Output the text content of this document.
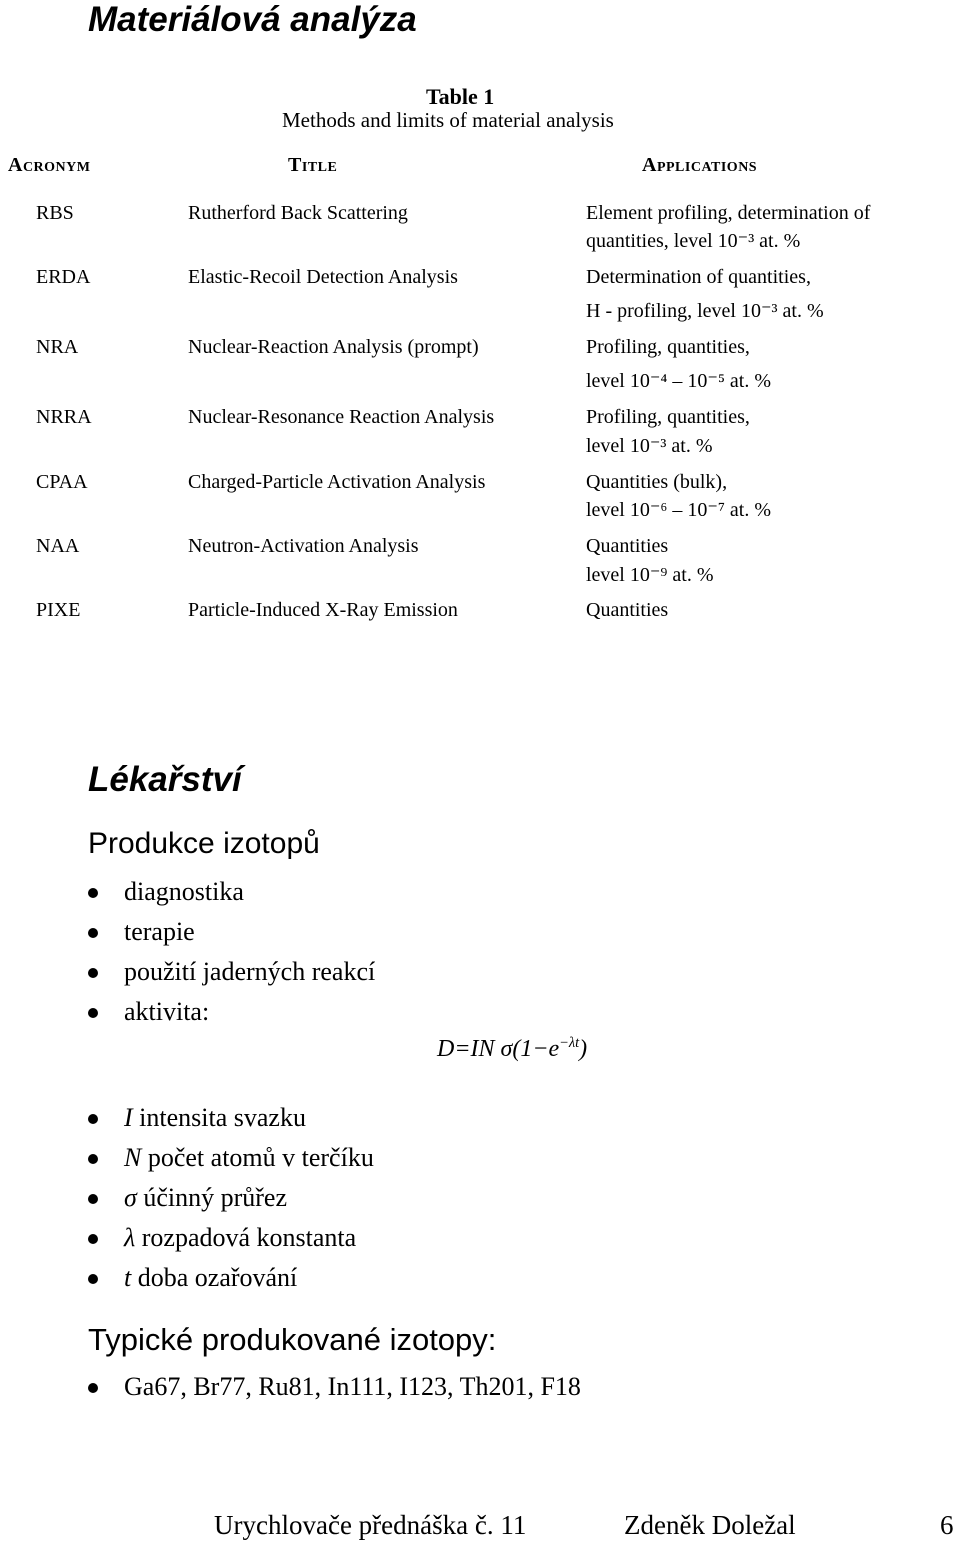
Materiálová analýza
Table 1
Methods and limits of material analysis
Acronym	Title	Applications
RBS	Rutherford Back Scattering	Element profiling, determination of
quantities, level 10⁻³ at. %
ERDA	Elastic-Recoil Detection Analysis	Determination of quantities,
H - profiling, level 10⁻³ at. %
NRA	Nuclear-Reaction Analysis (prompt)	Profiling, quantities,
level 10⁻⁴ – 10⁻⁵ at. %
NRRA	Nuclear-Resonance Reaction Analysis	Profiling, quantities,
level 10⁻³ at. %
CPAA	Charged-Particle Activation Analysis	Quantities (bulk),
level 10⁻⁶ – 10⁻⁷ at. %
NAA	Neutron-Activation Analysis	Quantities
level 10⁻⁹ at. %
PIXE	Particle-Induced X-Ray Emission	Quantities
Lékařství
Produkce izotopů
diagnostika
terapie
použití jaderných reakcí
aktivita:
D=IN $\sigma(1-e^{-\lambda t})$
I intensita svazku
N počet atomů v terčíku
σ účinný průřez
λ rozpadová konstanta
t doba ozařování
Typické produkované izotopy:
Ga67, Br77, Ru81, In111, I123, Th201, F18
Urychlovače přednáška č. 11	Zdeněk Doležal	6
